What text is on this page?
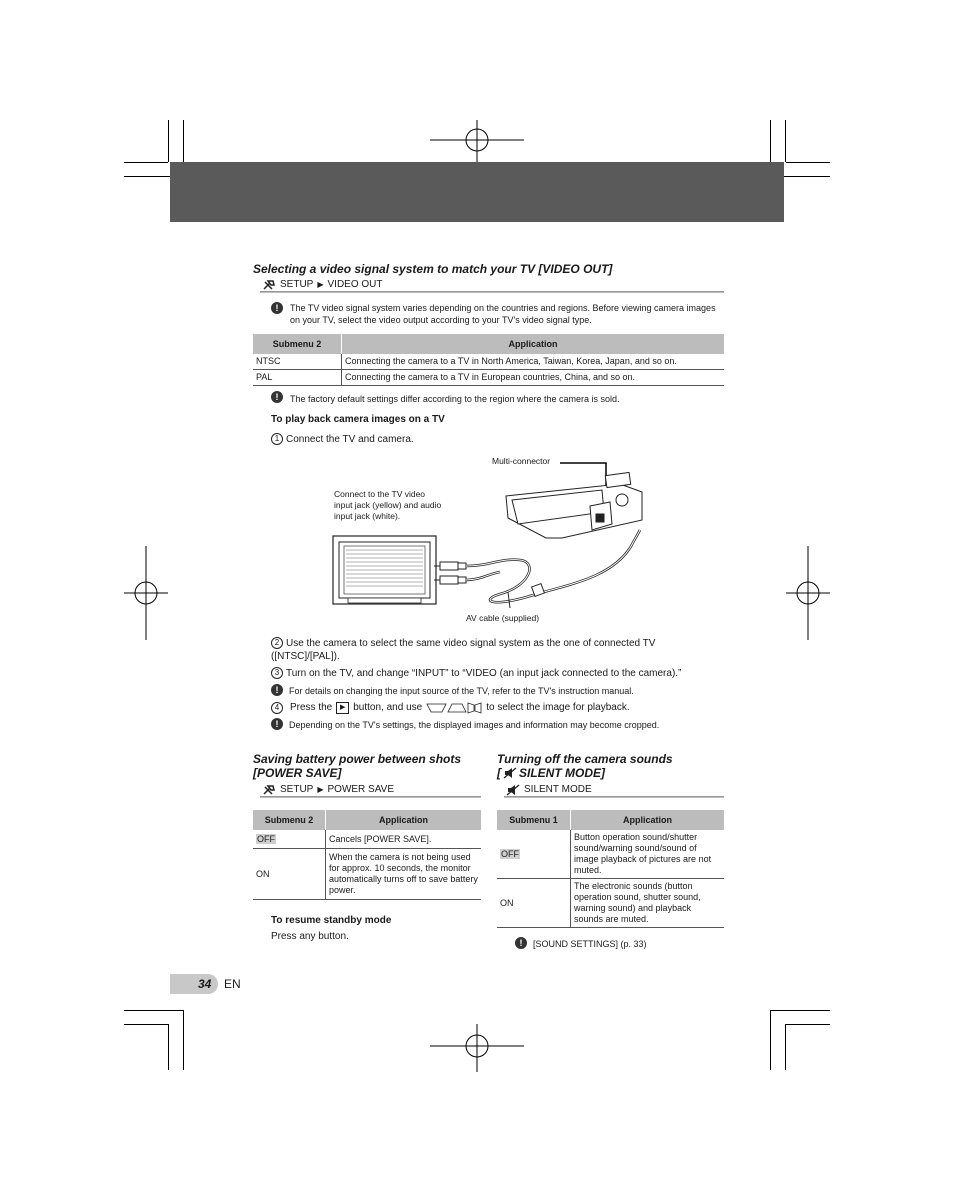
Selecting a video signal system to match your TV [VIDEO OUT]
SETUP ▶ VIDEO OUT
!	The TV video signal system varies depending on the countries and regions. Before viewing camera images on your TV, select the video output according to your TV's video signal type.
Submenu 2	Application
NTSC	Connecting the camera to a TV in North America, Taiwan, Korea, Japan, and so on.
PAL	Connecting the camera to a TV in European countries, China, and so on.
!	The factory default settings differ according to the region where the camera is sold.
To play back camera images on a TV
1 Connect the TV and camera.
Multi-connector
Connect to the TV video input jack (yellow) and audio input jack (white).
AV cable (supplied)
2 Use the camera to select the same video signal system as the one of connected TV ([NTSC]/[PAL]).
3 Turn on the TV, and change “INPUT” to “VIDEO (an input jack connected to the camera).”
!	For details on changing the input source of the TV, refer to the TV's instruction manual.
4	Press the	▶ button, and use	to select the image for playback.
!	Depending on the TV's settings, the displayed images and information may become cropped.
Saving battery power between shots
[POWER SAVE]
SETUP ▶ POWER SAVE
Submenu 2	Application
OFF	Cancels [POWER SAVE].
ON	When the camera is not being used for approx. 10 seconds, the monitor automatically turns off to save battery power.
To resume standby mode
Press any button.
Turning off the camera sounds
[ SILENT MODE]
SILENT MODE
Submenu 1	Application
OFF	Button operation sound/shutter sound/warning sound/sound of image playback of pictures are not muted.
ON	The electronic sounds (button operation sound, shutter sound, warning sound) and playback sounds are muted.
!	[SOUND SETTINGS] (p. 33)
34 EN
